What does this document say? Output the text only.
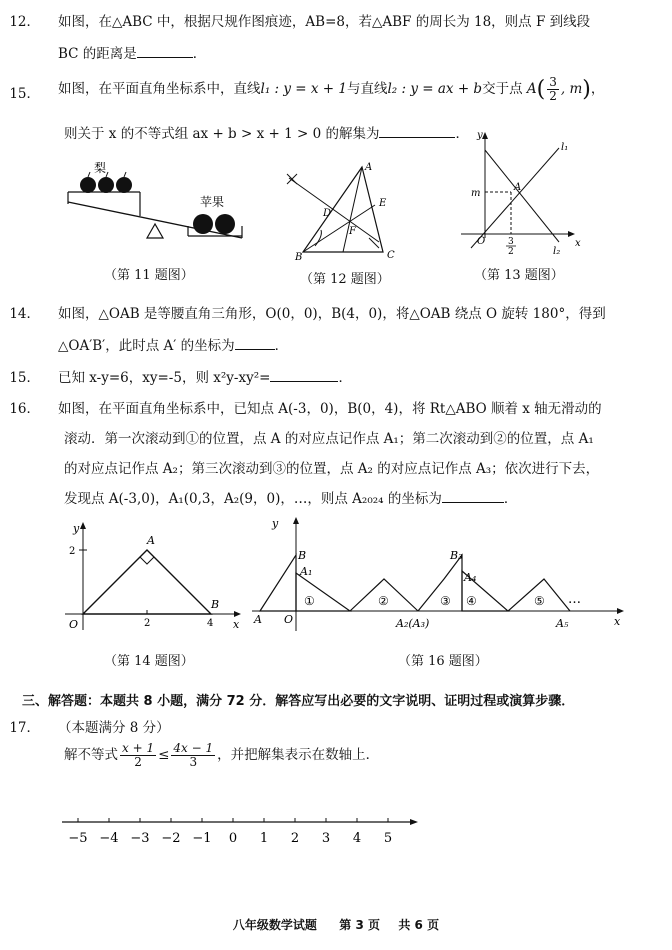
12． 如图，在△ABC 中，根据尺规作图痕迹，AB=8，若△ABF 的周长为 18，则点 F 到线段
BC 的距离是	．
15． 如图，在平面直角坐标系中，直线l₁ : y = x + 1与直线l₂ : y = ax + b交于点 $A( \frac{3}{2}$ , m)，
则关于 x 的不等式组 ax + b > x + 1 > 0 的解集为	．
梨
苹果
（第 11 题图）
A
B	C
D
E
F
（第 12 题图）
y
x
O
m
A
l₁
l₂
3
2
（第 13 题图）
14． 如图，△OAB 是等腰直角三角形，O(0，0)，B(4，0)，将△OAB 绕点 O 旋转 180°，得到
△OA′B′，此时点 A′ 的坐标为	．
15． 已知 x-y=6，xy=-5，则 x²y-xy²=	．
16． 如图，在平面直角坐标系中，已知点 A(-3，0)，B(0，4)，将 Rt△ABO 顺着 x 轴无滑动的
滚动．第一次滚动到①的位置，点 A 的对应点记作点 A₁；第二次滚动到②的位置，点 A₁
的对应点记作点 A₂；第三次滚动到③的位置，点 A₂ 的对应点记作点 A₃；依次进行下去，
发现点 A(-3,0)，A₁(0,3，A₂(9，0)，…，则点 A₂₀₂₄ 的坐标为	．
y
x
O
A
B
2
2	4
（第 14 题图）
y
x
O
A
B
A₁
B₃
A₄
A₂(A₃)	A₅
①	②	③ ④	⑤ …
（第 16 题图）
三、解答题：本题共 8 小题，满分 72 分．解答应写出必要的文字说明、证明过程或演算步骤．
17． （本题满分 8 分）
解不等式 $\frac{x + 1}{2} \le \frac{4x - 1}{3}$ ，并把解集表示在数轴上．
−5 −4 −3 −2 −1 0 1 2 3 4 5
八年级数学试题 第 3 页 共 6 页
